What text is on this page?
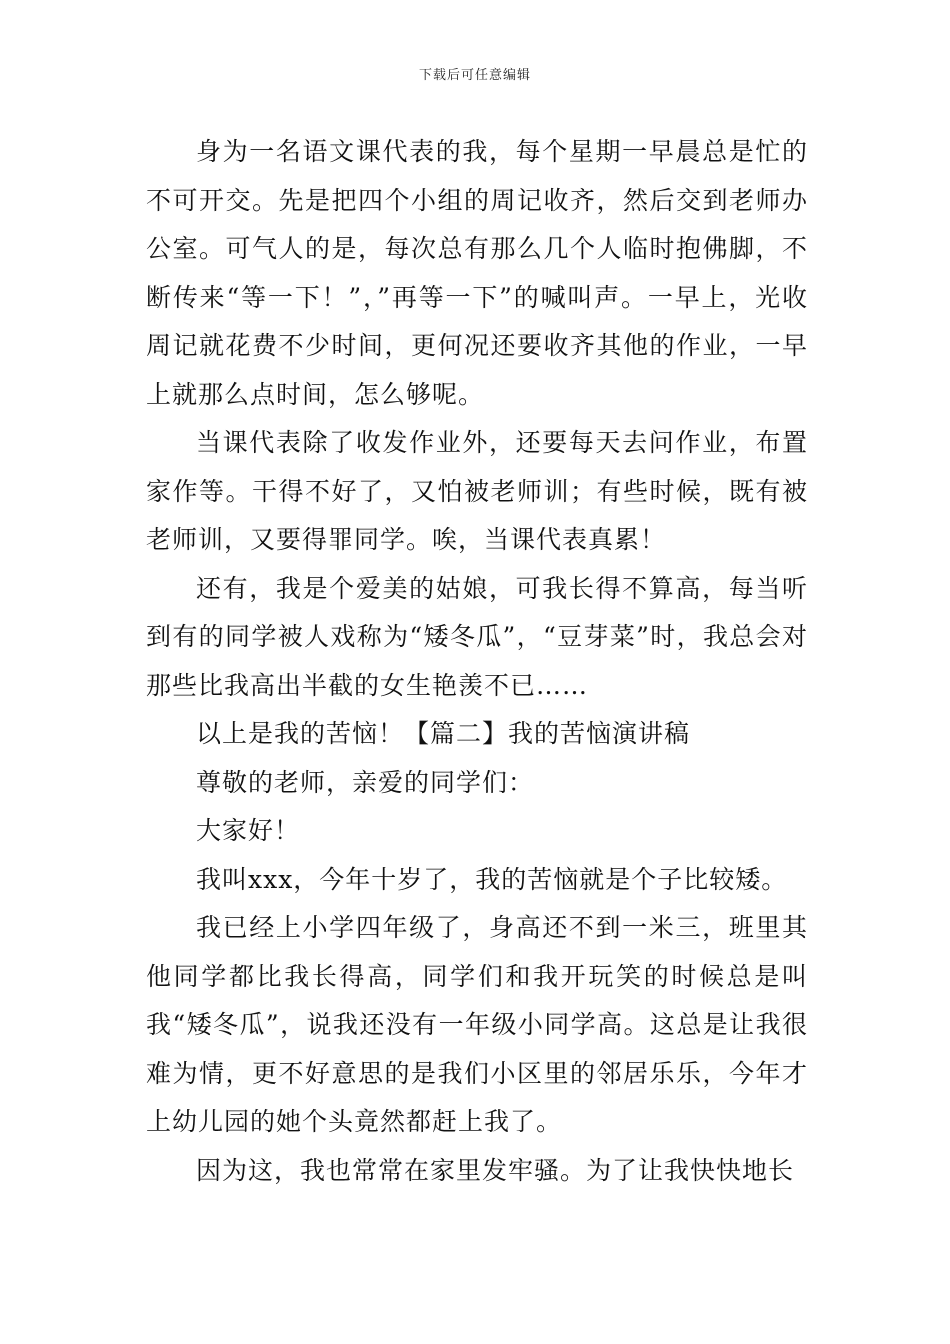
下载后可任意编辑

身为一名语文课代表的我，每个星期一早晨总是忙的不可开交。先是把四个小组的周记收齐，然后交到老师办公室。可气人的是，每次总有那么几个人临时抱佛脚，不断传来“等一下！”，”再等一下”的喊叫声。一早上，光收周记就花费不少时间，更何况还要收齐其他的作业，一早上就那么点时间，怎么够呢。

当课代表除了收发作业外，还要每天去问作业，布置家作等。干得不好了，又怕被老师训；有些时候，既有被老师训，又要得罪同学。唉，当课代表真累！

还有，我是个爱美的姑娘，可我长得不算高，每当听到有的同学被人戏称为“矮冬瓜”，“豆芽菜”时，我总会对那些比我高出半截的女生艳羡不已……

以上是我的苦恼！【篇二】我的苦恼演讲稿

尊敬的老师，亲爱的同学们：

大家好！

我叫xxx，今年十岁了，我的苦恼就是个子比较矮。

我已经上小学四年级了，身高还不到一米三，班里其他同学都比我长得高，同学们和我开玩笑的时候总是叫我“矮冬瓜”，说我还没有一年级小同学高。这总是让我很难为情，更不好意思的是我们小区里的邻居乐乐，今年才上幼儿园的她个头竟然都赶上我了。

因为这，我也常常在家里发牢骚。为了让我快快地长
